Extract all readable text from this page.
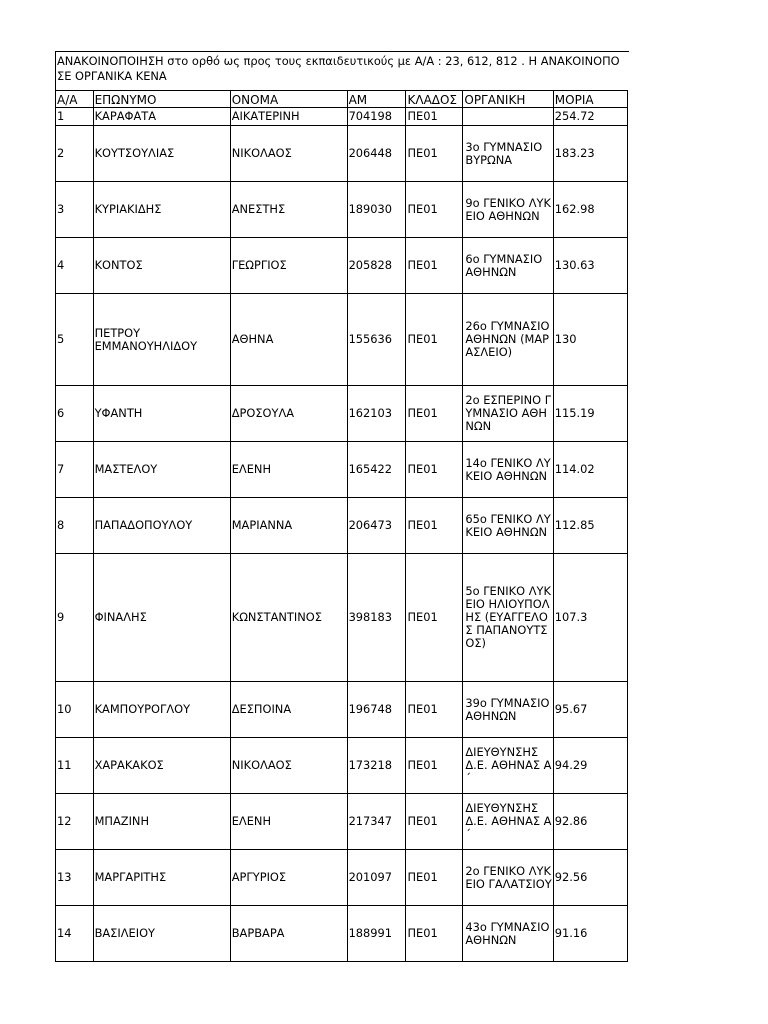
ΑΝΑΚΟΙΝΟΠΟΙΗΣΗ στο ορθό ως προς τους εκπαιδευτικούς με Α/Α : 23, 612, 812 . Η ΑΝΑΚΟΙΝΟΠΟ
ΣΕ ΟΡΓΑΝΙΚΑ ΚΕΝΑ
Α/Α	ΕΠΩΝΥΜΟ	ΟΝΟΜΑ	ΑΜ	ΚΛΑΔΟΣ	ΟΡΓΑΝΙΚΗ	ΜΟΡΙΑ
1	ΚΑΡΑΦΑΤΑ	ΑΙΚΑΤΕΡΙΝΗ	704198	ΠΕ01		254.72
2	ΚΟΥΤΣΟΥΛΙΑΣ	ΝΙΚΟΛΑΟΣ	206448	ΠΕ01	3ο ΓΥΜΝΑΣΙΟ ΒΥΡΩΝΑ	183.23
3	ΚΥΡΙΑΚΙΔΗΣ	ΑΝΕΣΤΗΣ	189030	ΠΕ01	9ο ΓΕΝΙΚΟ ΛΥΚΕΙΟ ΑΘΗΝΩΝ	162.98
4	ΚΟΝΤΟΣ	ΓΕΩΡΓΙΟΣ	205828	ΠΕ01	6ο ΓΥΜΝΑΣΙΟ ΑΘΗΝΩΝ	130.63
5	ΠΕΤΡΟΥ ΕΜΜΑΝΟΥΗΛΙΔΟΥ	ΑΘΗΝΑ	155636	ΠΕ01	26ο ΓΥΜΝΑΣΙΟ ΑΘΗΝΩΝ (ΜΑΡΑΣΛΕΙΟ)	130
6	ΥΦΑΝΤΗ	ΔΡΟΣΟΥΛΑ	162103	ΠΕ01	2ο ΕΣΠΕΡΙΝΟ ΓΥΜΝΑΣΙΟ ΑΘΗΝΩΝ	115.19
7	ΜΑΣΤΕΛΟΥ	ΕΛΕΝΗ	165422	ΠΕ01	14ο ΓΕΝΙΚΟ ΛΥΚΕΙΟ ΑΘΗΝΩΝ	114.02
8	ΠΑΠΑΔΟΠΟΥΛΟΥ	ΜΑΡΙΑΝΝΑ	206473	ΠΕ01	65ο ΓΕΝΙΚΟ ΛΥΚΕΙΟ ΑΘΗΝΩΝ	112.85
9	ΦΙΝΑΛΗΣ	ΚΩΝΣΤΑΝΤΙΝΟΣ	398183	ΠΕ01	5ο ΓΕΝΙΚΟ ΛΥΚΕΙΟ ΗΛΙΟΥΠΟΛΗΣ (ΕΥΑΓΓΕΛΟΣ ΠΑΠΑΝΟΥΤΣΟΣ)	107.3
10	ΚΑΜΠΟΥΡΟΓΛΟΥ	ΔΕΣΠΟΙΝΑ	196748	ΠΕ01	39ο ΓΥΜΝΑΣΙΟ ΑΘΗΝΩΝ	95.67
11	ΧΑΡΑΚΑΚΟΣ	ΝΙΚΟΛΑΟΣ	173218	ΠΕ01	ΔΙΕΥΘΥΝΣΗΣ Δ.Ε. ΑΘΗΝΑΣ Α΄	94.29
12	ΜΠΑΖΙΝΗ	ΕΛΕΝΗ	217347	ΠΕ01	ΔΙΕΥΘΥΝΣΗΣ Δ.Ε. ΑΘΗΝΑΣ Α΄	92.86
13	ΜΑΡΓΑΡΙΤΗΣ	ΑΡΓΥΡΙΟΣ	201097	ΠΕ01	2ο ΓΕΝΙΚΟ ΛΥΚΕΙΟ ΓΑΛΑΤΣΙΟΥ	92.56
14	ΒΑΣΙΛΕΙΟΥ	ΒΑΡΒΑΡΑ	188991	ΠΕ01	43ο ΓΥΜΝΑΣΙΟ ΑΘΗΝΩΝ	91.16
